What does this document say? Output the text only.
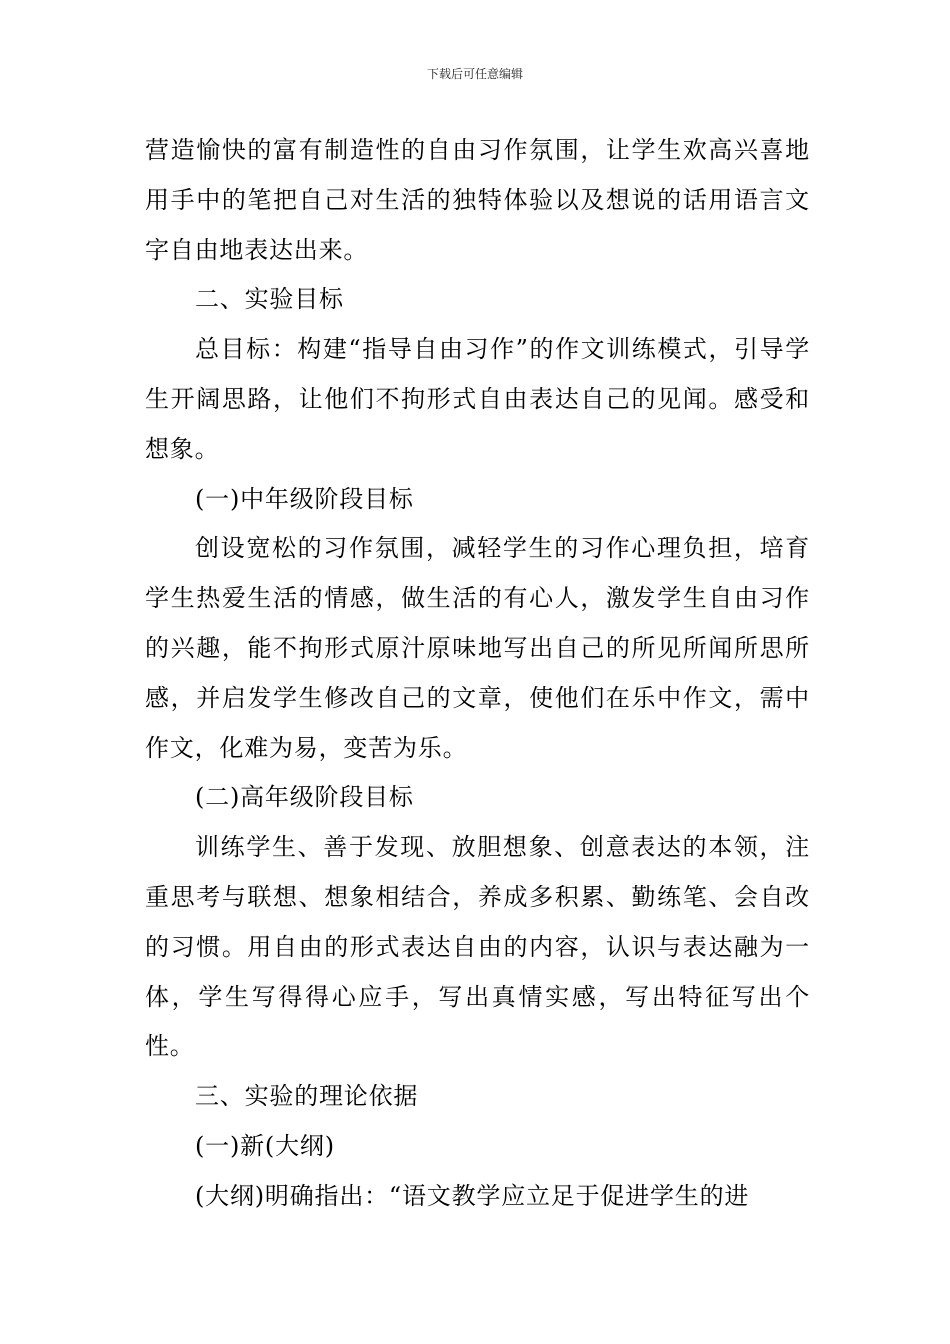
下载后可任意编辑

营造愉快的富有制造性的自由习作氛围，让学生欢高兴喜地用手中的笔把自己对生活的独特体验以及想说的话用语言文字自由地表达出来。

二、实验目标

总目标：构建“指导自由习作”的作文训练模式，引导学生开阔思路，让他们不拘形式自由表达自己的见闻。感受和想象。

(一)中年级阶段目标

创设宽松的习作氛围，减轻学生的习作心理负担，培育学生热爱生活的情感，做生活的有心人，激发学生自由习作的兴趣，能不拘形式原汁原味地写出自己的所见所闻所思所感，并启发学生修改自己的文章，使他们在乐中作文，需中作文，化难为易，变苦为乐。

(二)高年级阶段目标

训练学生、善于发现、放胆想象、创意表达的本领，注重思考与联想、想象相结合，养成多积累、勤练笔、会自改的习惯。用自由的形式表达自由的内容，认识与表达融为一体，学生写得得心应手，写出真情实感，写出特征写出个性。

三、实验的理论依据

(一)新(大纲)

(大纲)明确指出：“语文教学应立足于促进学生的进
